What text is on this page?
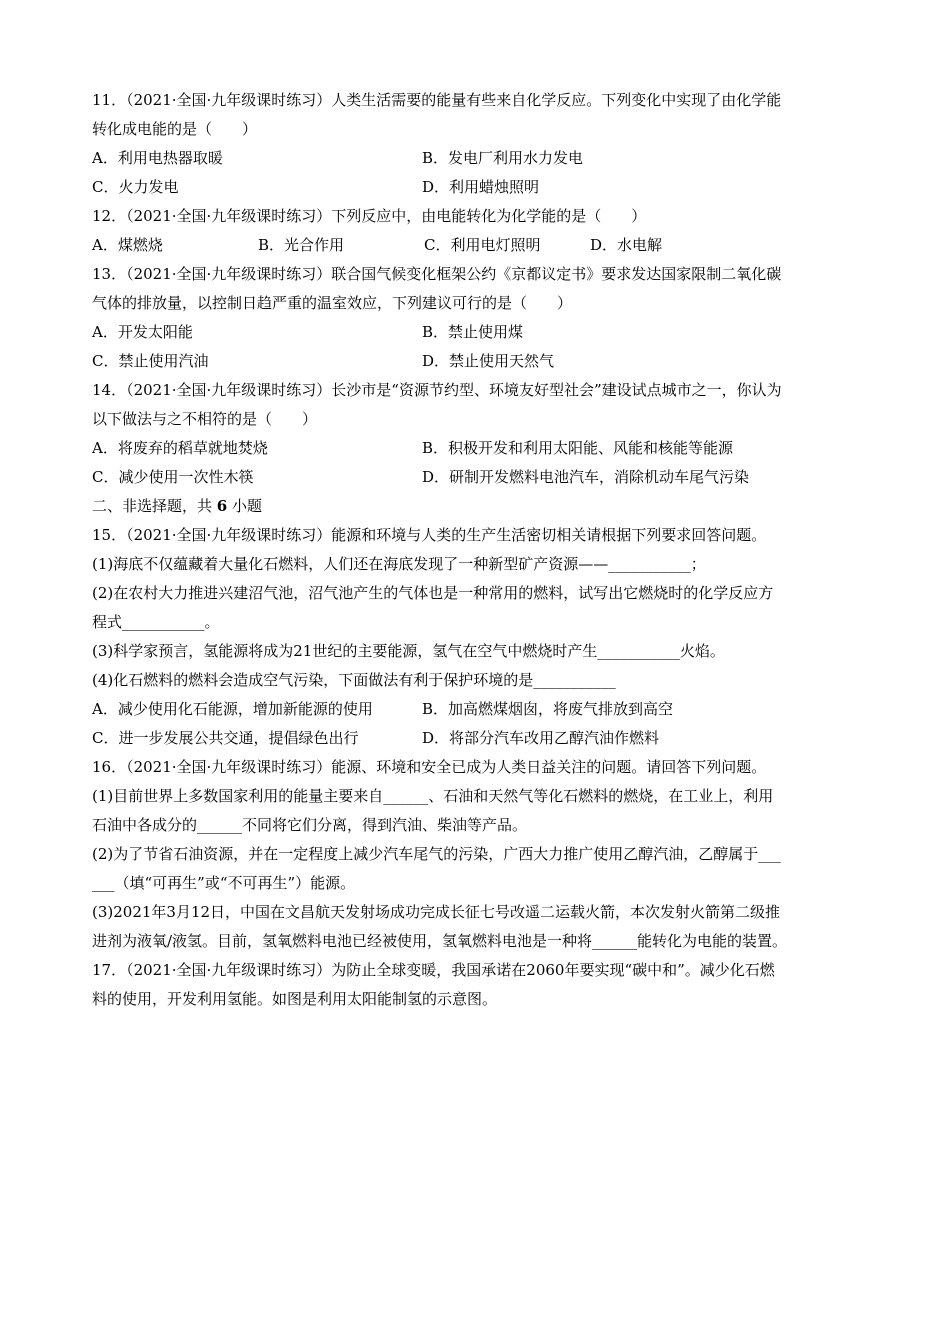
11．（2021·全国·九年级课时练习）人类生活需要的能量有些来自化学反应。下列变化中实现了由化学能
转化成电能的是（　　）
A．利用电热器取暖	B．发电厂利用水力发电
C．火力发电	D．利用蜡烛照明
12．（2021·全国·九年级课时练习）下列反应中，由电能转化为化学能的是（　　）
A．煤燃烧	B．光合作用	C．利用电灯照明	D．水电解
13．（2021·全国·九年级课时练习）联合国气候变化框架公约《京都议定书》要求发达国家限制二氧化碳
气体的排放量，以控制日趋严重的温室效应，下列建议可行的是（　　）
A．开发太阳能	B．禁止使用煤
C．禁止使用汽油	D．禁止使用天然气
14．（2021·全国·九年级课时练习）长沙市是“资源节约型、环境友好型社会”建设试点城市之一，你认为
以下做法与之不相符的是（　　）
A．将废弃的稻草就地焚烧	B．积极开发和利用太阳能、风能和核能等能源
C．减少使用一次性木筷	D．研制开发燃料电池汽车，消除机动车尾气污染
二、非选择题，共 6 小题
15．（2021·全国·九年级课时练习）能源和环境与人类的生产生活密切相关请根据下列要求回答问题。
(1)海底不仅蕴藏着大量化石燃料，人们还在海底发现了一种新型矿产资源——___________；
(2)在农村大力推进兴建沼气池，沼气池产生的气体也是一种常用的燃料，试写出它燃烧时的化学反应方
程式___________。
(3)科学家预言，氢能源将成为21世纪的主要能源，氢气在空气中燃烧时产生___________火焰。
(4)化石燃料的燃料会造成空气污染，下面做法有利于保护环境的是___________
A．减少使用化石能源，增加新能源的使用	B．加高燃煤烟囱，将废气排放到高空
C．进一步发展公共交通，提倡绿色出行	D．将部分汽车改用乙醇汽油作燃料
16．（2021·全国·九年级课时练习）能源、环境和安全已成为人类日益关注的问题。请回答下列问题。
(1)目前世界上多数国家利用的能量主要来自______、石油和天然气等化石燃料的燃烧，在工业上，利用
石油中各成分的______不同将它们分离，得到汽油、柴油等产品。
(2)为了节省石油资源，并在一定程度上减少汽车尾气的污染，广西大力推广使用乙醇汽油，乙醇属于___
___（填“可再生”或“不可再生”）能源。
(3)2021年3月12日，中国在文昌航天发射场成功完成长征七号改遥二运载火箭，本次发射火箭第二级推
进剂为液氧/液氢。目前，氢氧燃料电池已经被使用，氢氧燃料电池是一种将______能转化为电能的装置。
17．（2021·全国·九年级课时练习）为防止全球变暖，我国承诺在2060年要实现“碳中和”。减少化石燃
料的使用，开发利用氢能。如图是利用太阳能制氢的示意图。
